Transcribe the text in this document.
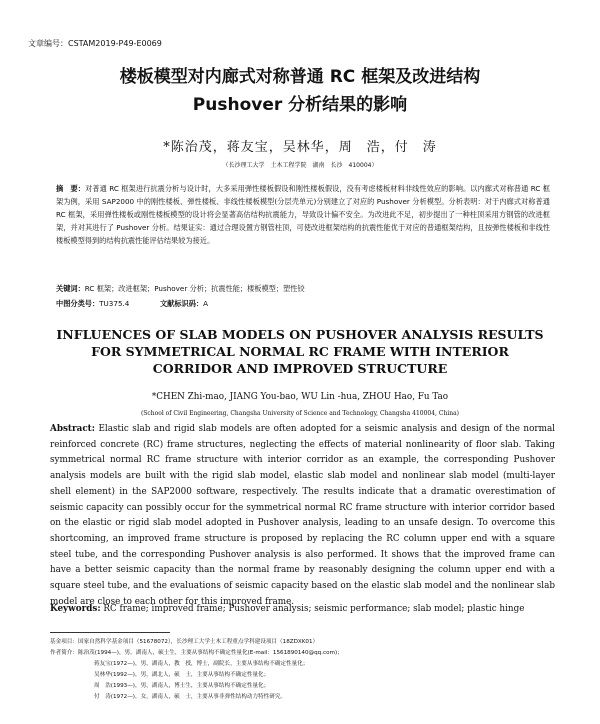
文章编号：CSTAM2019-P49-E0069
楼板模型对内廊式对称普通 RC 框架及改进结构
Pushover 分析结果的影响
*陈治茂，蒋友宝，吴林华，周　浩，付　涛
（长沙理工大学　土木工程学院　湖南　长沙　410004）
摘　要：对普通 RC 框架进行抗震分析与设计时，大多采用弹性楼板假设和刚性楼板假设，没有考虑楼板材料非线性效应的影响。以内廊式对称普通 RC 框架为例，采用 SAP2000 中的刚性楼板、弹性楼板、非线性楼板模型(分层壳单元)分别建立了对应的 Pushover 分析模型。分析表明：对于内廊式对称普通 RC 框架，采用弹性楼板或刚性楼板模型的设计将会显著高估结构抗震能力，导致设计偏不安全。为改进此不足，初步提出了一种柱顶采用方钢管的改进框架，并对其进行了 Pushover 分析。结果证实：通过合理设置方钢管柱顶，可使改进框架结构的抗震性能优于对应的普通框架结构，且按弹性楼板和非线性楼板模型得到的结构抗震性能评估结果较为接近。
关键词：RC 框架；改进框架；Pushover 分析；抗震性能；楼板模型；塑性铰
中图分类号：TU375.4	文献标识码：A
INFLUENCES OF SLAB MODELS ON PUSHOVER ANALYSIS RESULTS
FOR SYMMETRICAL NORMAL RC FRAME WITH INTERIOR
CORRIDOR AND IMPROVED STRUCTURE
*CHEN Zhi-mao, JIANG You-bao, WU Lin -hua, ZHOU Hao, Fu Tao
(School of Civil Engineering, Changsha University of Science and Technology, Changsha 410004, China)
Abstract: Elastic slab and rigid slab models are often adopted for a seismic analysis and design of the normal reinforced concrete (RC) frame structures, neglecting the effects of material nonlinearity of floor slab. Taking symmetrical normal RC frame structure with interior corridor as an example, the corresponding Pushover analysis models are built with the rigid slab model, elastic slab model and nonlinear slab model (multi-layer shell element) in the SAP2000 software, respectively. The results indicate that a dramatic overestimation of seismic capacity can possibly occur for the symmetrical normal RC frame structure with interior corridor based on the elastic or rigid slab model adopted in Pushover analysis, leading to an unsafe design. To overcome this shortcoming, an improved frame structure is proposed by replacing the RC column upper end with a square steel tube, and the corresponding Pushover analysis is also performed. It shows that the improved frame can have a better seismic capacity than the normal frame by reasonably designing the column upper end with a square steel tube, and the evaluations of seismic capacity based on the elastic slab model and the nonlinear slab model are close to each other for this improved frame.
Keywords: RC frame; improved frame; Pushover analysis; seismic performance; slab model; plastic hinge
基金项目：国家自然科学基金项目（51678072），长沙理工大学土木工程重点学科建设项目（18ZDXK01）
作者简介：陈治茂(1994—)，男，湖南人，硕士生，主要从事结构不确定性量化(E-mail：1561890140@qq.com)；
蒋友宝(1972—)，男，湖南人，教　授，博士，副院长，主要从事结构不确定性量化；
吴林华(1992—)，男，湖北人，硕　士，主要从事结构不确定性量化；
周　浩(1993—)，男，湖南人，博士生，主要从事结构不确定性量化；
付　涛(1972—)，女，湖南人，硕　士，主要从事非弹性结构动力特性研究。
